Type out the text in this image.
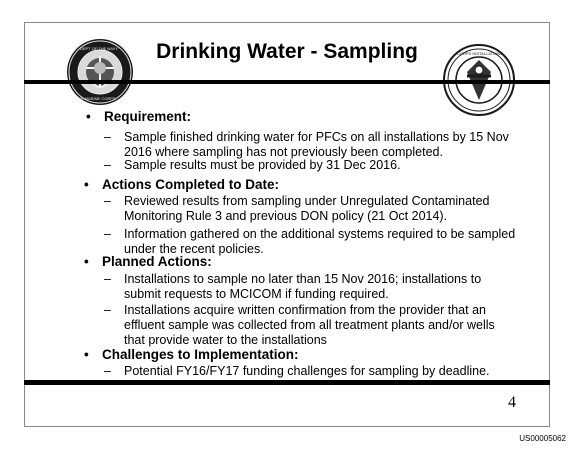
DEPT OF THE NAVY
US MARINE CORPS
CORPS INSTALLATIONS
Drinking Water - Sampling
• Requirement:
– Sample finished drinking water for PFCs on all installations by 15 Nov 2016 where sampling has not previously been completed.
– Sample results must be provided by 31 Dec 2016.
• Actions Completed to Date:
– Reviewed results from sampling under Unregulated Contaminated Monitoring Rule 3 and previous DON policy (21 Oct 2014).
– Information gathered on the additional systems required to be sampled under the recent policies.
• Planned Actions:
– Installations to sample no later than 15 Nov 2016; installations to submit requests to MCICOM if funding required.
– Installations acquire written confirmation from the provider that an effluent sample was collected from all treatment plants and/or wells that provide water to the installations
• Challenges to Implementation:
– Potential FY16/FY17 funding challenges for sampling by deadline.
4
US00005062
